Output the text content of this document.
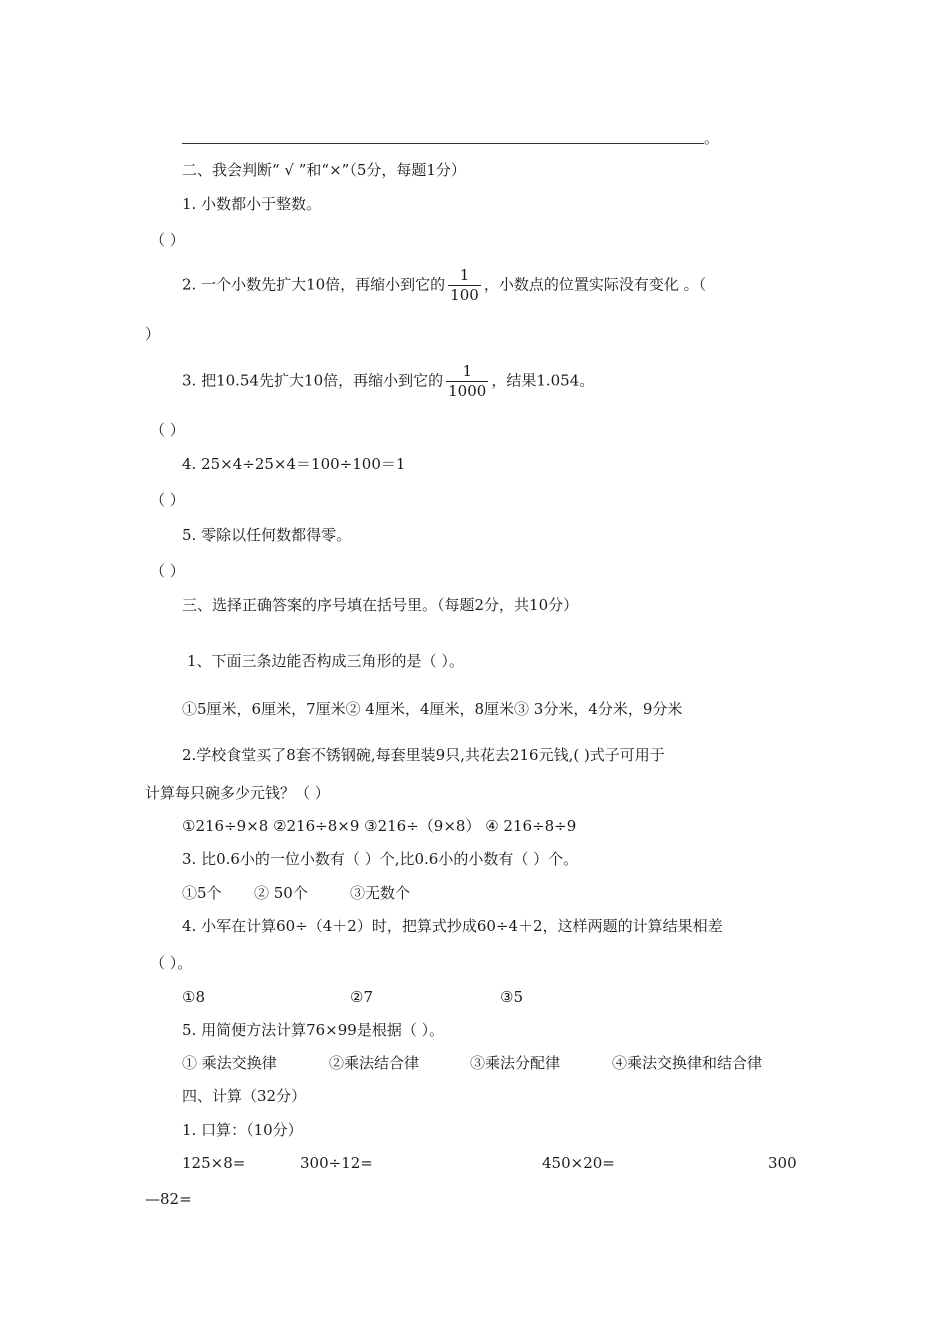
。
二、我会判断“ √ ”和“×”（5分，每题1分）
1. 小数都小于整数。
（ ）
2. 一个小数先扩大10倍，再缩小到它的 $\frac{1}{100}$ ，小数点的位置实际没有变化 。（
）
3. 把10.54先扩大10倍，再缩小到它的 $\frac{1}{1000}$ ，结果1.054。
（ ）
4. 25×4÷25×4＝100÷100＝1
（ ）
5. 零除以任何数都得零。
（ ）
三、选择正确答案的序号填在括号里。（每题2分，共10分）
1、下面三条边能否构成三角形的是（ ）。
①5厘米，6厘米，7厘米② 4厘米，4厘米，8厘米③ 3分米，4分米，9分米
2.学校食堂买了8套不锈钢碗,每套里装9只,共花去216元钱,( )式子可用于
计算每只碗多少元钱？（ ）
①216÷9×8 ②216÷8×9 ③216÷（9×8） ④ 216÷8÷9
3. 比0.6小的一位小数有（ ）个,比0.6小的小数有（ ）个。
①5个 ② 50个	③无数个
4. 小军在计算60÷（4＋2）时，把算式抄成60÷4＋2，这样两题的计算结果相差
（ ）。
①8	②7	③5
5. 用简便方法计算76×99是根据（ ）。
① 乘法交换律	②乘法结合律	③乘法分配律	④乘法交换律和结合律
四、计算（32分）
1. 口算：（10分）
125×8=	300÷12=	450×20=	300
—82=
